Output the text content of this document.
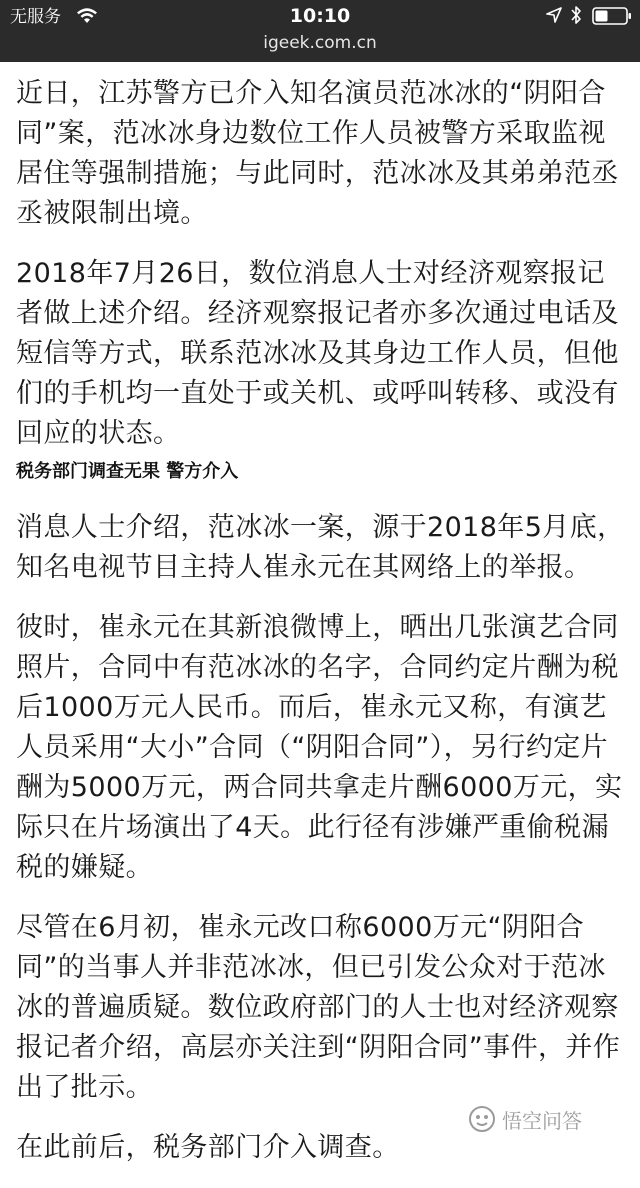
无服务	10:10
igeek.com.cn

近日，江苏警方已介入知名演员范冰冰的“阴阳合同”案，范冰冰身边数位工作人员被警方采取监视居住等强制措施；与此同时，范冰冰及其弟弟范丞丞被限制出境。

2018年7月26日，数位消息人士对经济观察报记者做上述介绍。经济观察报记者亦多次通过电话及短信等方式，联系范冰冰及其身边工作人员，但他们的手机均一直处于或关机、或呼叫转移、或没有回应的状态。

税务部门调查无果 警方介入

消息人士介绍，范冰冰一案，源于2018年5月底，知名电视节目主持人崔永元在其网络上的举报。

彼时，崔永元在其新浪微博上，晒出几张演艺合同照片，合同中有范冰冰的名字，合同约定片酬为税后1000万元人民币。而后，崔永元又称，有演艺人员采用“大小”合同（“阴阳合同”），另行约定片酬为5000万元，两合同共拿走片酬6000万元，实际只在片场演出了4天。此行径有涉嫌严重偷税漏税的嫌疑。

尽管在6月初，崔永元改口称6000万元“阴阳合同”的当事人并非范冰冰，但已引发公众对于范冰冰的普遍质疑。数位政府部门的人士也对经济观察报记者介绍，高层亦关注到“阴阳合同”事件，并作出了批示。

在此前后，税务部门介入调查。

悟空问答
